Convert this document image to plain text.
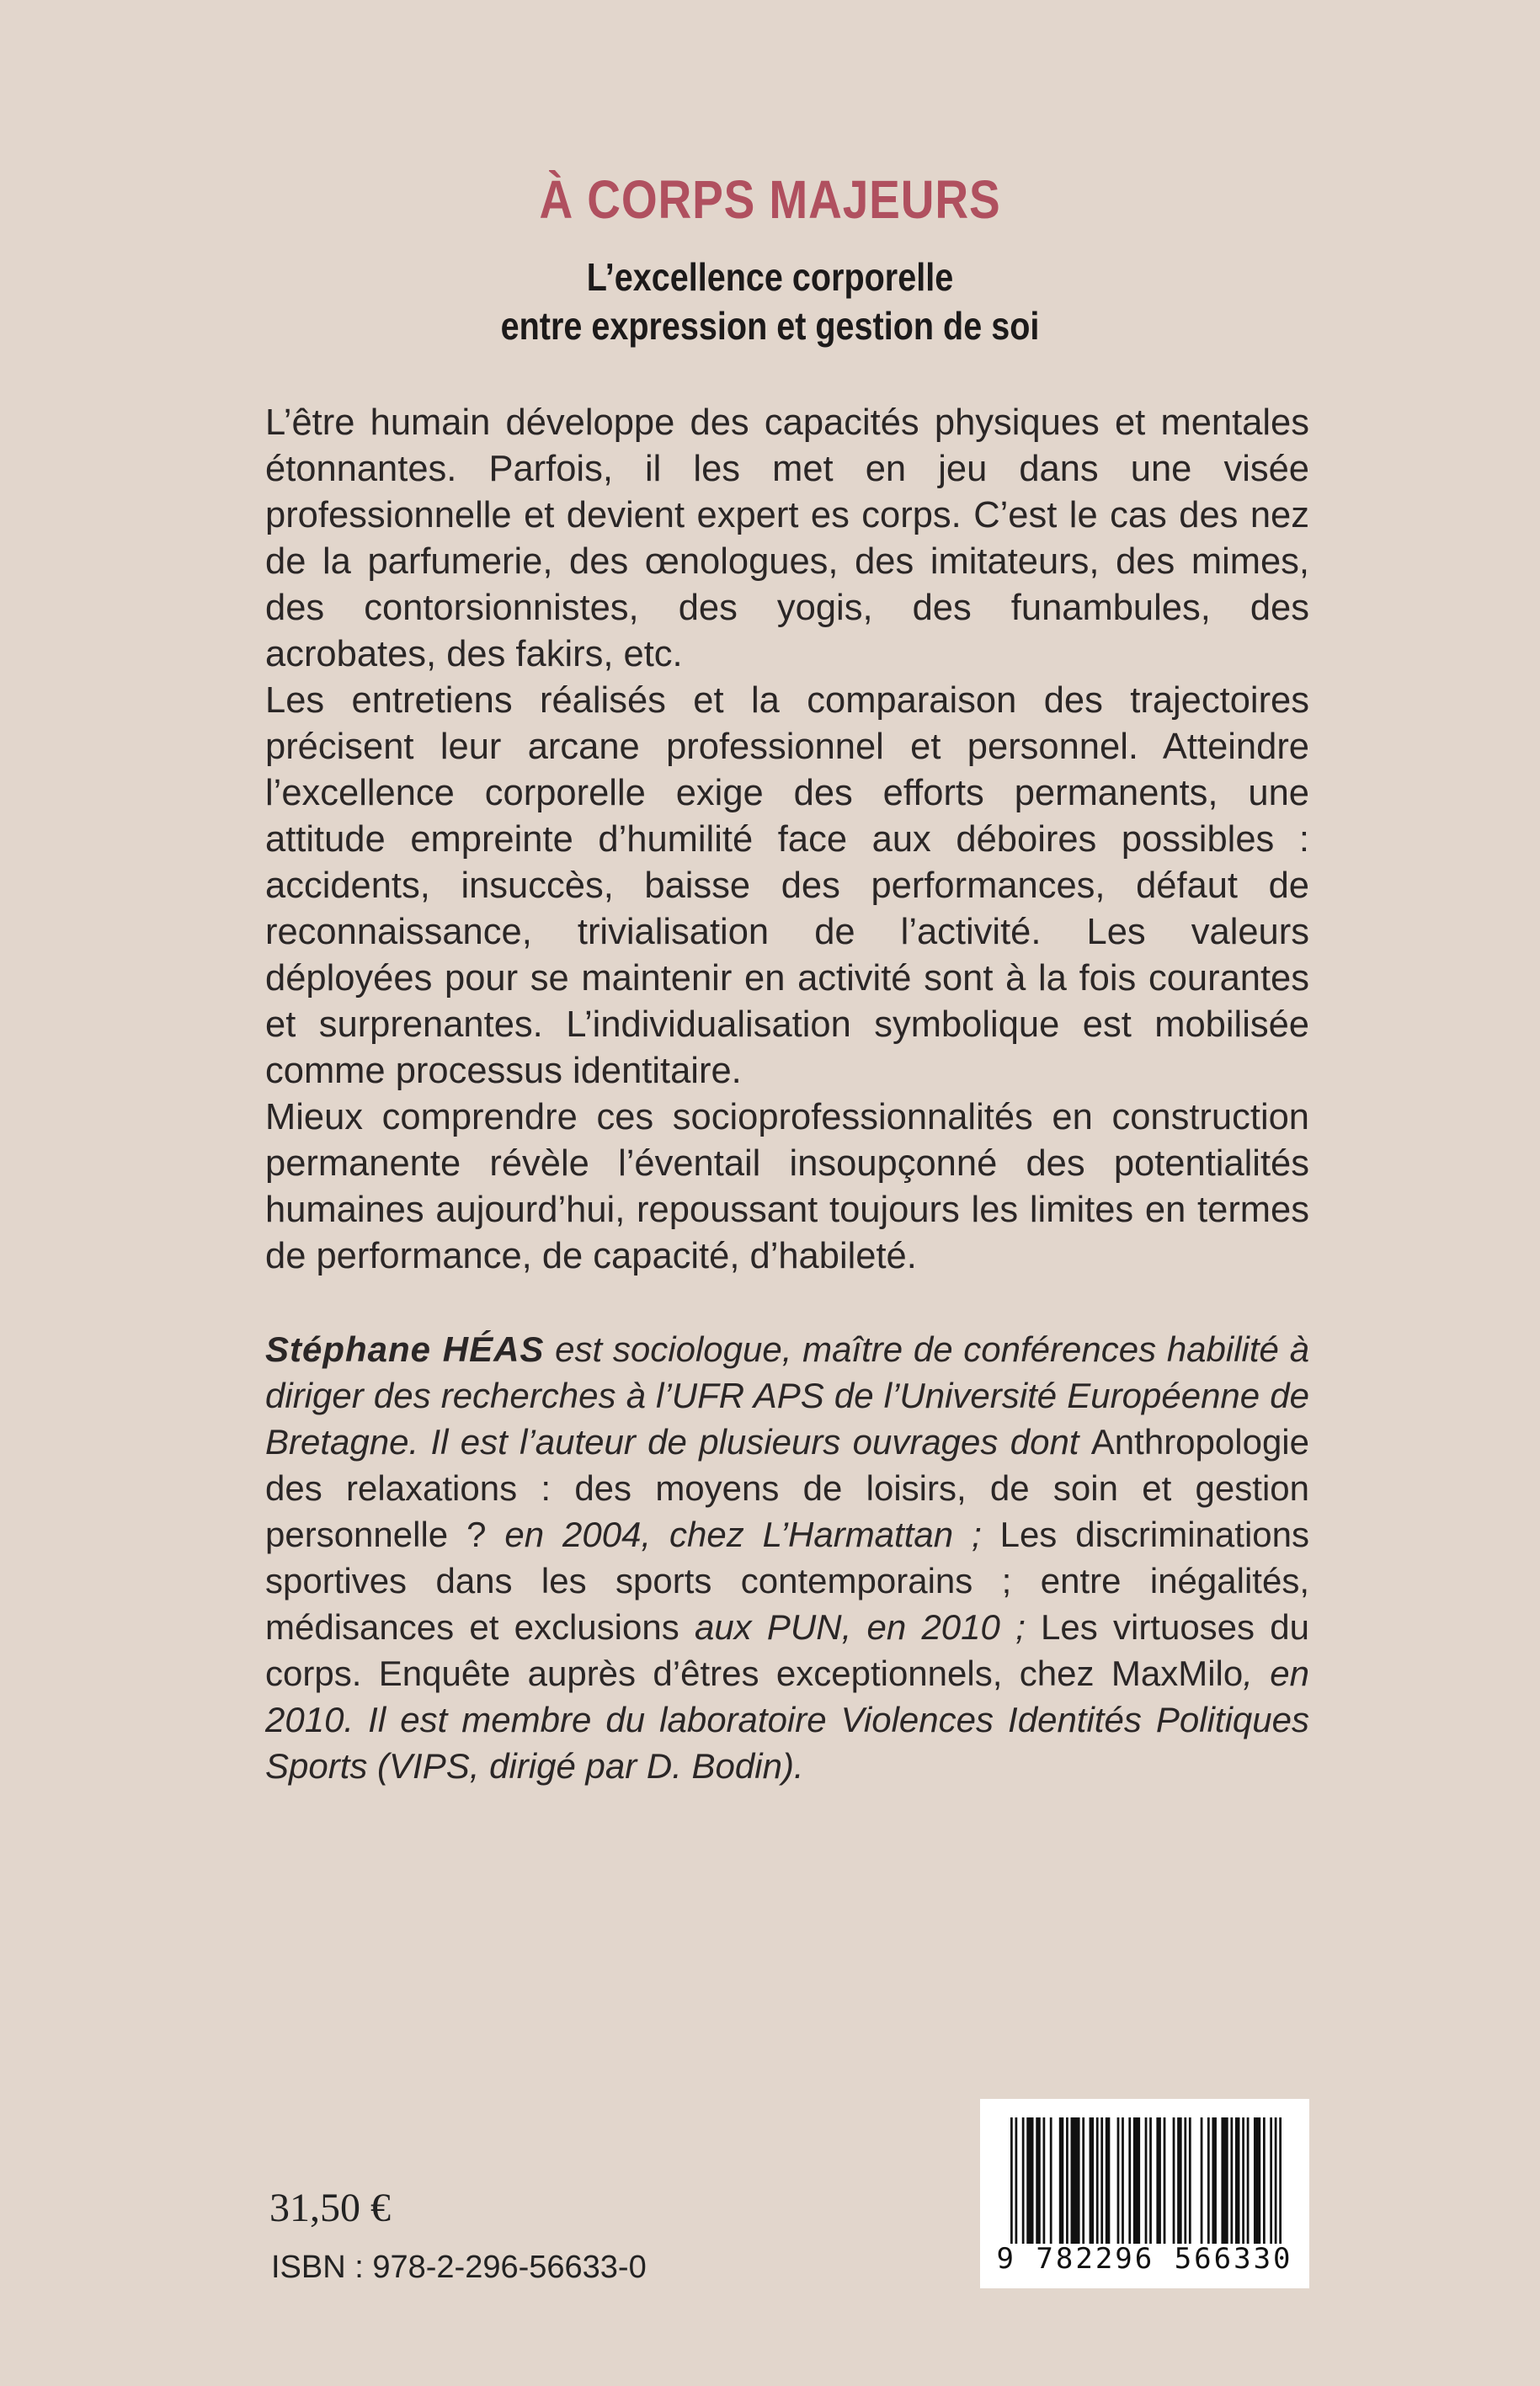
À CORPS MAJEURS
L’excellence corporelle
entre expression et gestion de soi

L’être humain développe des capacités physiques et mentales étonnantes. Parfois, il les met en jeu dans une visée professionnelle et devient expert es corps. C’est le cas des nez de la parfumerie, des œnologues, des imitateurs, des mimes, des contorsionnistes, des yogis, des funambules, des acrobates, des fakirs, etc.

Les entretiens réalisés et la comparaison des trajectoires précisent leur arcane professionnel et personnel. Atteindre l’excellence corporelle exige des efforts permanents, une attitude empreinte d’humilité face aux déboires possibles : accidents, insuccès, baisse des performances, défaut de reconnaissance, trivialisation de l’activité. Les valeurs déployées pour se maintenir en activité sont à la fois courantes et surprenantes. L’individualisation symbolique est mobilisée comme processus identitaire.

Mieux comprendre ces socioprofessionnalités en construction permanente révèle l’éventail insoupçonné des potentialités humaines aujourd’hui, repoussant toujours les limites en termes de performance, de capacité, d’habileté.

Stéphane HÉAS est sociologue, maître de conférences habilité à diriger des recherches à l’UFR APS de l’Université Européenne de Bretagne. Il est l’auteur de plusieurs ouvrages dont Anthropologie des relaxations : des moyens de loisirs, de soin et gestion personnelle ? en 2004, chez L’Harmattan ; Les discriminations sportives dans les sports contemporains ; entre inégalités, médisances et exclusions aux PUN, en 2010 ; Les virtuoses du corps. Enquête auprès d’êtres exceptionnels, chez MaxMilo, en 2010. Il est membre du laboratoire Violences Identités Politiques Sports (VIPS, dirigé par D. Bodin).

31,50 €
ISBN : 978-2-296-56633-0	9 782296 566330
